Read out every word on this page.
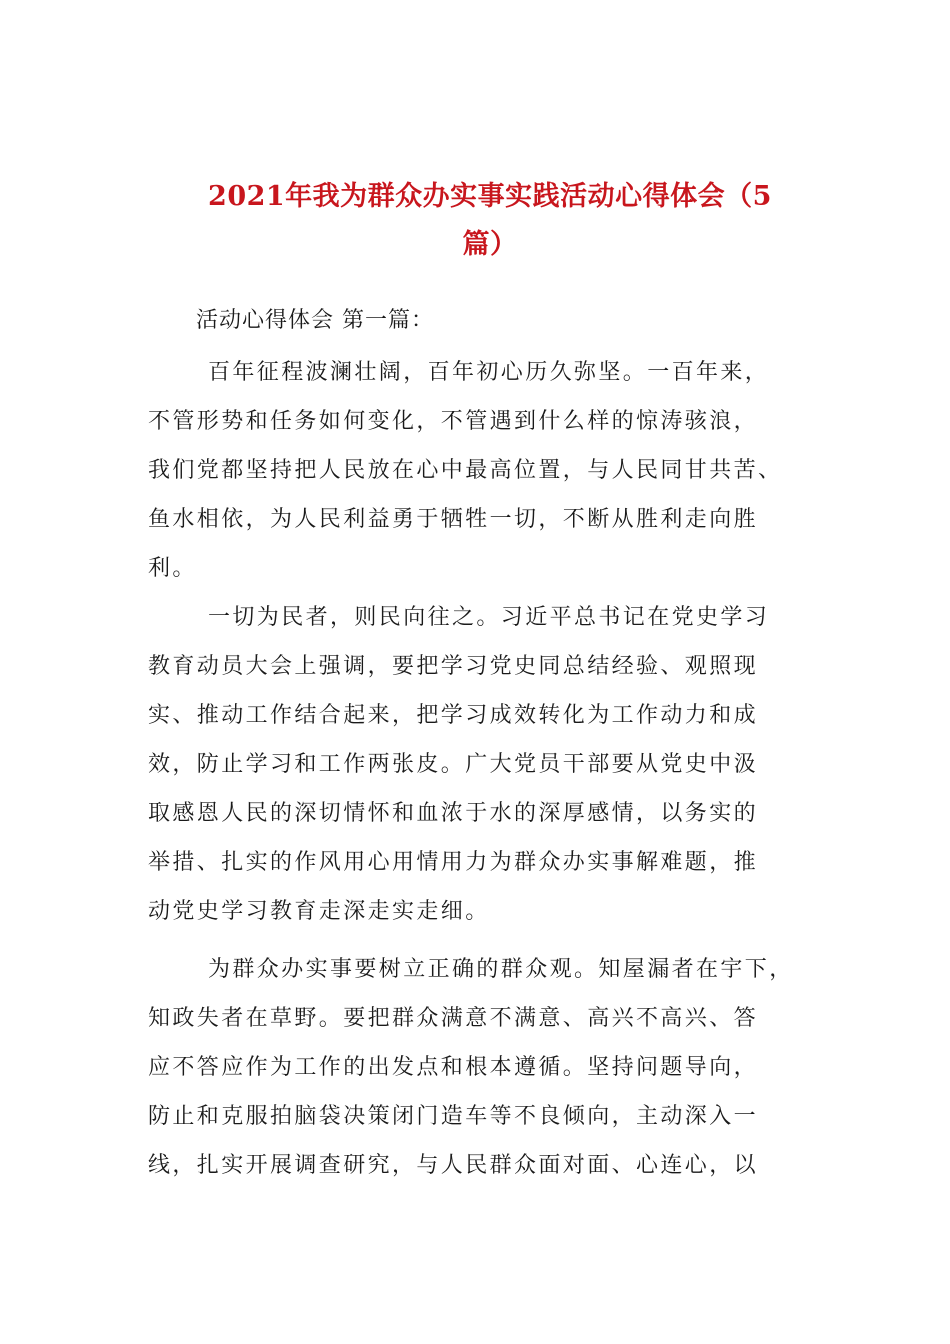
2021年我为群众办实事实践活动心得体会（5
篇）
活动心得体会 第一篇：
百年征程波澜壮阔，百年初心历久弥坚。一百年来，
不管形势和任务如何变化，不管遇到什么样的惊涛骇浪，
我们党都坚持把人民放在心中最高位置，与人民同甘共苦、
鱼水相依，为人民利益勇于牺牲一切，不断从胜利走向胜
利。
一切为民者，则民向往之。习近平总书记在党史学习
教育动员大会上强调，要把学习党史同总结经验、观照现
实、推动工作结合起来，把学习成效转化为工作动力和成
效，防止学习和工作两张皮。广大党员干部要从党史中汲
取感恩人民的深切情怀和血浓于水的深厚感情，以务实的
举措、扎实的作风用心用情用力为群众办实事解难题，推
动党史学习教育走深走实走细。
为群众办实事要树立正确的群众观。知屋漏者在宇下，
知政失者在草野。要把群众满意不满意、高兴不高兴、答
应不答应作为工作的出发点和根本遵循。坚持问题导向，
防止和克服拍脑袋决策闭门造车等不良倾向，主动深入一
线，扎实开展调查研究，与人民群众面对面、心连心，以
